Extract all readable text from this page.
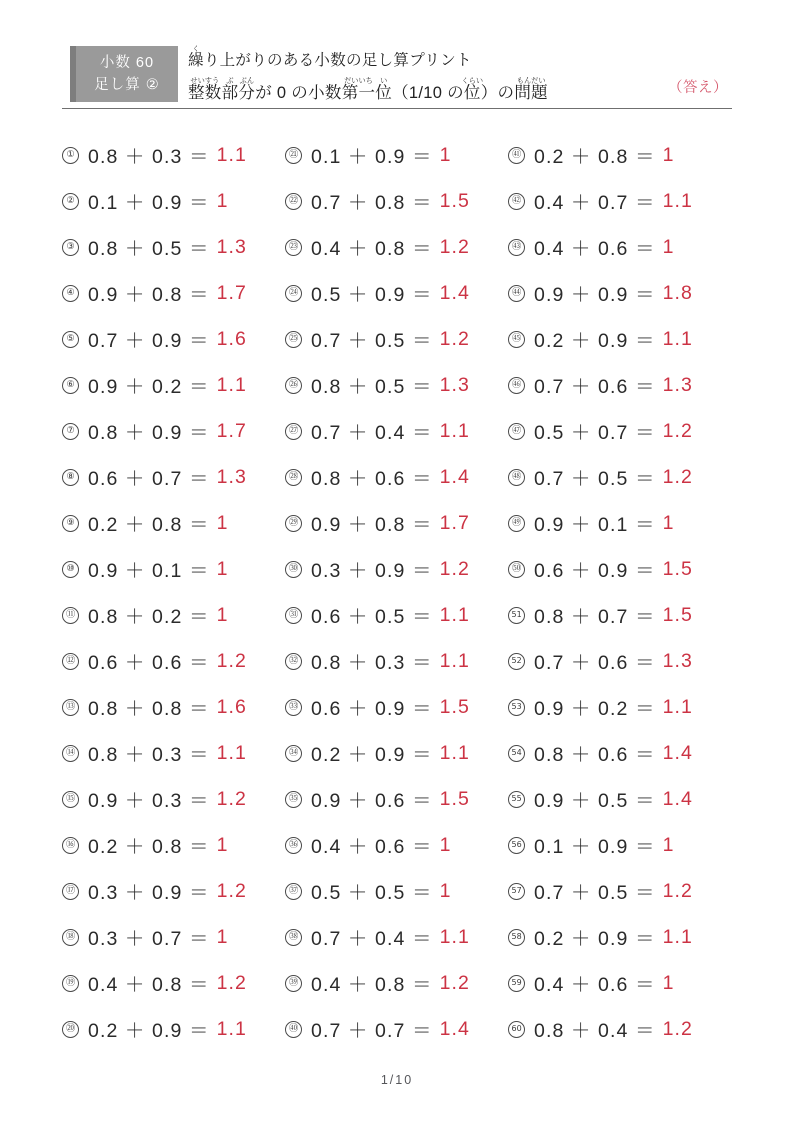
小数 60
足し算 ②
繰くり上がりのある小数の足し算プリント
整数せいすう部ぶ分ぶんが 0 の小数第一だいいち位い（1/10 の位くらい）の問題もんだい	（答え）
① 0.8 ＋ 0.3 ＝ 1.1
② 0.1 ＋ 0.9 ＝ 1
③ 0.8 ＋ 0.5 ＝ 1.3
④ 0.9 ＋ 0.8 ＝ 1.7
⑤ 0.7 ＋ 0.9 ＝ 1.6
⑥ 0.9 ＋ 0.2 ＝ 1.1
⑦ 0.8 ＋ 0.9 ＝ 1.7
⑧ 0.6 ＋ 0.7 ＝ 1.3
⑨ 0.2 ＋ 0.8 ＝ 1
⑩ 0.9 ＋ 0.1 ＝ 1
⑪ 0.8 ＋ 0.2 ＝ 1
⑫ 0.6 ＋ 0.6 ＝ 1.2
⑬ 0.8 ＋ 0.8 ＝ 1.6
⑭ 0.8 ＋ 0.3 ＝ 1.1
⑮ 0.9 ＋ 0.3 ＝ 1.2
⑯ 0.2 ＋ 0.8 ＝ 1
⑰ 0.3 ＋ 0.9 ＝ 1.2
⑱ 0.3 ＋ 0.7 ＝ 1
⑲ 0.4 ＋ 0.8 ＝ 1.2
⑳ 0.2 ＋ 0.9 ＝ 1.1
㉑ 0.1 ＋ 0.9 ＝ 1
㉒ 0.7 ＋ 0.8 ＝ 1.5
㉓ 0.4 ＋ 0.8 ＝ 1.2
㉔ 0.5 ＋ 0.9 ＝ 1.4
㉕ 0.7 ＋ 0.5 ＝ 1.2
㉖ 0.8 ＋ 0.5 ＝ 1.3
㉗ 0.7 ＋ 0.4 ＝ 1.1
㉘ 0.8 ＋ 0.6 ＝ 1.4
㉙ 0.9 ＋ 0.8 ＝ 1.7
㉚ 0.3 ＋ 0.9 ＝ 1.2
㉛ 0.6 ＋ 0.5 ＝ 1.1
㉜ 0.8 ＋ 0.3 ＝ 1.1
㉝ 0.6 ＋ 0.9 ＝ 1.5
㉞ 0.2 ＋ 0.9 ＝ 1.1
㉟ 0.9 ＋ 0.6 ＝ 1.5
㊱ 0.4 ＋ 0.6 ＝ 1
㊲ 0.5 ＋ 0.5 ＝ 1
㊳ 0.7 ＋ 0.4 ＝ 1.1
㊴ 0.4 ＋ 0.8 ＝ 1.2
㊵ 0.7 ＋ 0.7 ＝ 1.4
㊶ 0.2 ＋ 0.8 ＝ 1
㊷ 0.4 ＋ 0.7 ＝ 1.1
㊸ 0.4 ＋ 0.6 ＝ 1
㊹ 0.9 ＋ 0.9 ＝ 1.8
㊺ 0.2 ＋ 0.9 ＝ 1.1
㊻ 0.7 ＋ 0.6 ＝ 1.3
㊼ 0.5 ＋ 0.7 ＝ 1.2
㊽ 0.7 ＋ 0.5 ＝ 1.2
㊾ 0.9 ＋ 0.1 ＝ 1
㊿ 0.6 ＋ 0.9 ＝ 1.5
51 0.8 ＋ 0.7 ＝ 1.5
52 0.7 ＋ 0.6 ＝ 1.3
53 0.9 ＋ 0.2 ＝ 1.1
54 0.8 ＋ 0.6 ＝ 1.4
55 0.9 ＋ 0.5 ＝ 1.4
56 0.1 ＋ 0.9 ＝ 1
57 0.7 ＋ 0.5 ＝ 1.2
58 0.2 ＋ 0.9 ＝ 1.1
59 0.4 ＋ 0.6 ＝ 1
60 0.8 ＋ 0.4 ＝ 1.2
1/10
